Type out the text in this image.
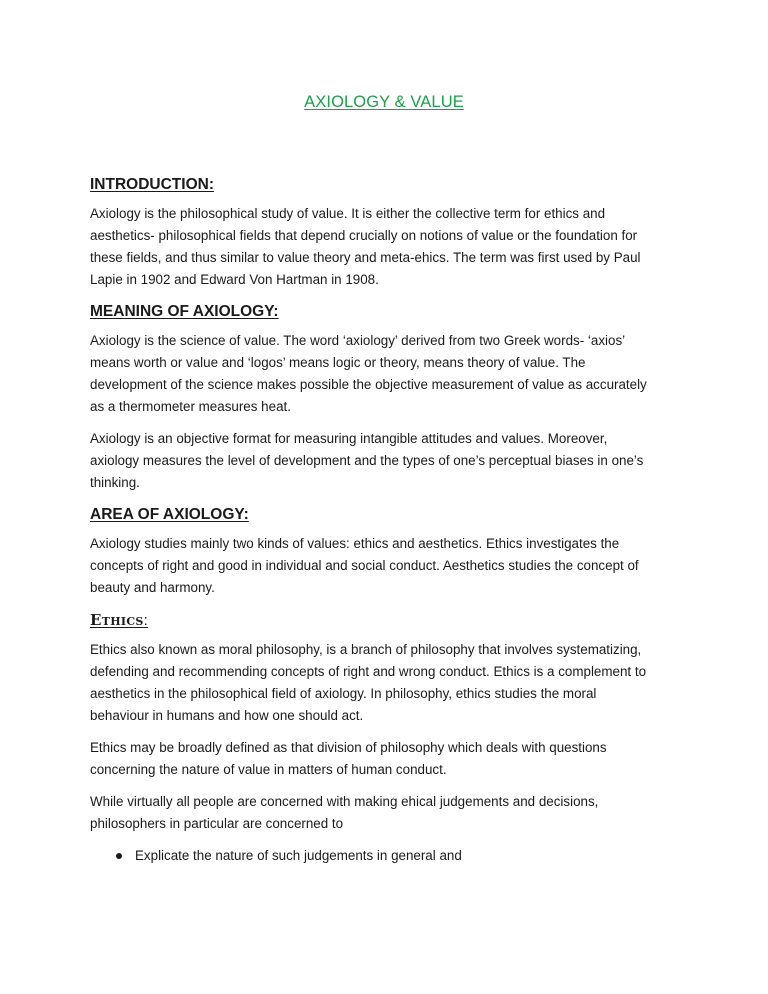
AXIOLOGY & VALUE
INTRODUCTION:

Axiology is the philosophical study of value. It is either the collective term for ethics and
aesthetics- philosophical fields that depend crucially on notions of value or the foundation for
these fields, and thus similar to value theory and meta-ehics. The term was first used by Paul
Lapie in 1902 and Edward Von Hartman in 1908.

MEANING OF AXIOLOGY:

Axiology is the science of value. The word ‘axiology’ derived from two Greek words- ‘axios’
means worth or value and ‘logos’ means logic or theory, means theory of value. The
development of the science makes possible the objective measurement of value as accurately
as a thermometer measures heat.

Axiology is an objective format for measuring intangible attitudes and values. Moreover,
axiology measures the level of development and the types of one’s perceptual biases in one’s
thinking.

AREA OF AXIOLOGY:

Axiology studies mainly two kinds of values: ethics and aesthetics. Ethics investigates the
concepts of right and good in individual and social conduct. Aesthetics studies the concept of
beauty and harmony.

Ethics:

Ethics also known as moral philosophy, is a branch of philosophy that involves systematizing,
defending and recommending concepts of right and wrong conduct. Ethics is a complement to
aesthetics in the philosophical field of axiology. In philosophy, ethics studies the moral
behaviour in humans and how one should act.

Ethics may be broadly defined as that division of philosophy which deals with questions
concerning the nature of value in matters of human conduct.

While virtually all people are concerned with making ehical judgements and decisions,
philosophers in particular are concerned to

Explicate the nature of such judgements in general and
